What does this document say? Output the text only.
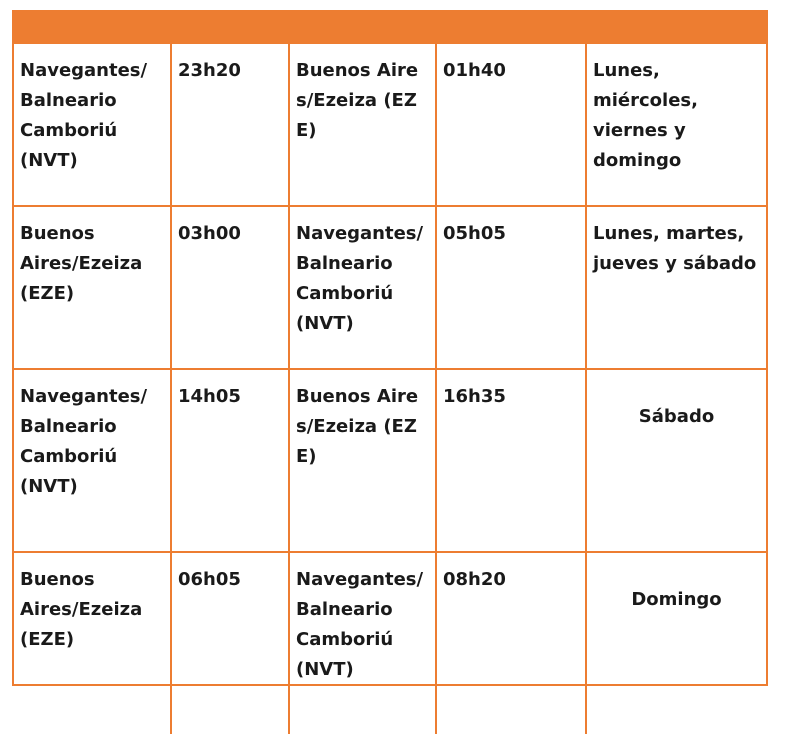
Navegantes/ Balneario Camboriú (NVT)	23h20	Buenos Aires/Ezeiza (EZE)	01h40	Lunes, miércoles, viernes y domingo
Buenos Aires/Ezeiza (EZE)	03h00	Navegantes/ Balneario Camboriú (NVT)	05h05	Lunes, martes, jueves y sábado
Navegantes/ Balneario Camboriú (NVT)	14h05	Buenos Aires/Ezeiza (EZE)	16h35	Sábado
Buenos Aires/Ezeiza (EZE)	06h05	Navegantes/ Balneario Camboriú (NVT)	08h20	Domingo
